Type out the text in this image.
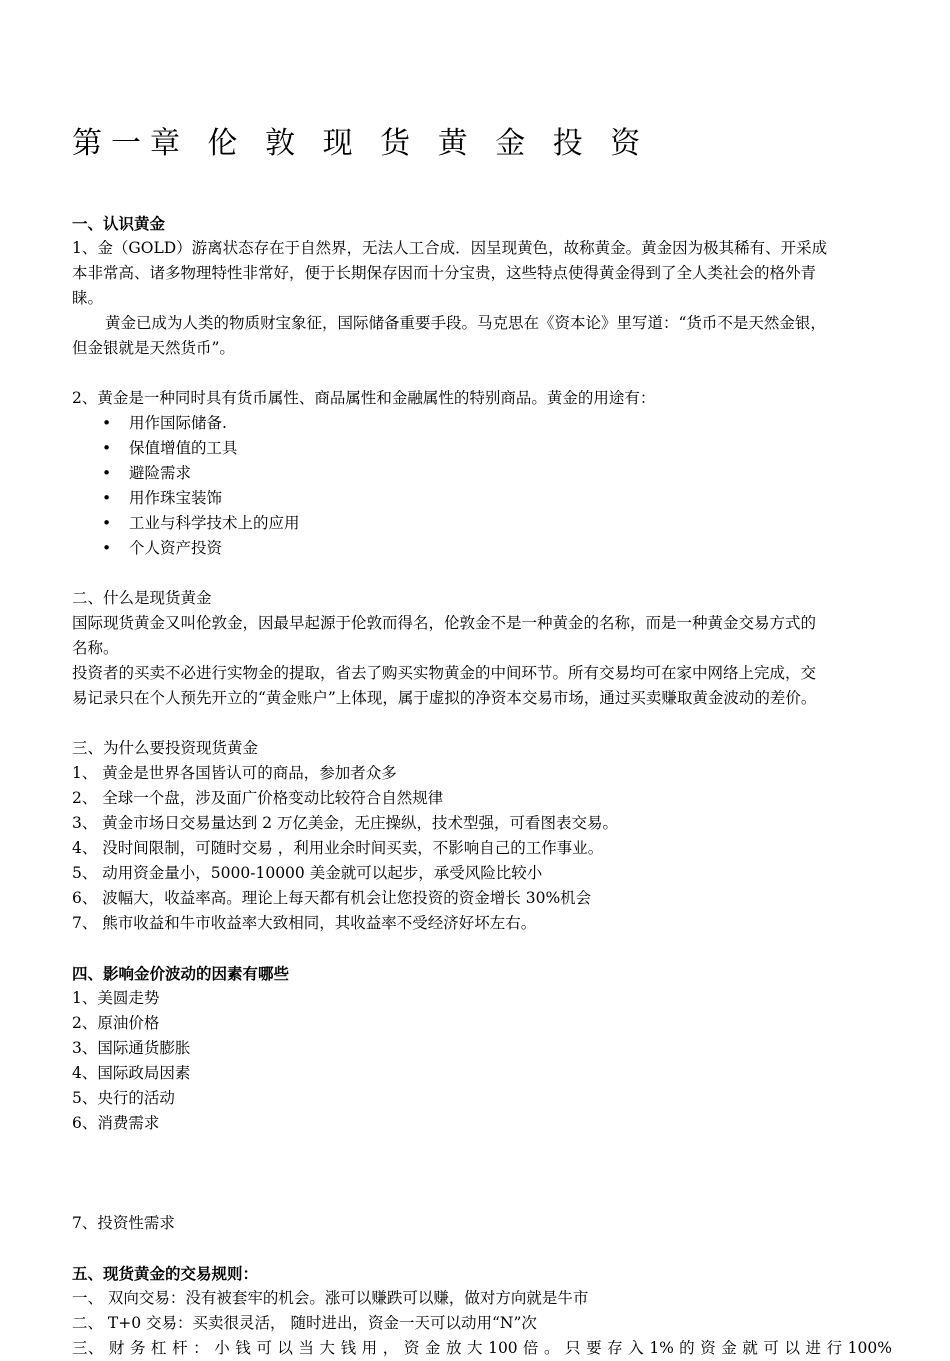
第一章 伦 敦 现 货 黄 金 投 资
一、认识黄金
1、金（GOLD）游离状态存在于自然界，无法人工合成．因呈现黄色，故称黄金。黄金因为极其稀有、开采成
本非常高、诸多物理特性非常好，便于长期保存因而十分宝贵，这些特点使得黄金得到了全人类社会的格外青
睐。
黄金已成为人类的物质财宝象征，国际储备重要手段。马克思在《资本论》里写道：“货币不是天然金银，
但金银就是天然货币”。
2、黄金是一种同时具有货币属性、商品属性和金融属性的特别商品。黄金的用途有：
• 用作国际储备.
• 保值增值的工具
• 避险需求
• 用作珠宝装饰
• 工业与科学技术上的应用
• 个人资产投资
二、什么是现货黄金
国际现货黄金又叫伦敦金，因最早起源于伦敦而得名，伦敦金不是一种黄金的名称，而是一种黄金交易方式的
名称。
投资者的买卖不必进行实物金的提取，省去了购买实物黄金的中间环节。所有交易均可在家中网络上完成，交
易记录只在个人预先开立的“黄金账户”上体现，属于虚拟的净资本交易市场，通过买卖赚取黄金波动的差价。
三、为什么要投资现货黄金
1、 黄金是世界各国皆认可的商品，参加者众多
2、 全球一个盘，涉及面广价格变动比较符合自然规律
3、 黄金市场日交易量达到 2 万亿美金，无庄操纵，技术型强，可看图表交易。
4、 没时间限制，可随时交易 ，利用业余时间买卖，不影响自己的工作事业。
5、 动用资金量小，5000-10000 美金就可以起步，承受风险比较小
6、 波幅大，收益率高。理论上每天都有机会让您投资的资金增长 30%机会
7、 熊市收益和牛市收益率大致相同，其收益率不受经济好坏左右。
四、影响金价波动的因素有哪些
1、美圆走势
2、原油价格
3、国际通货膨胀
4、国际政局因素
5、央行的活动
6、消费需求
7、投资性需求
五、现货黄金的交易规则：
一、 双向交易：没有被套牢的机会。涨可以赚跌可以赚，做对方向就是牛市
二、 T+0 交易：买卖很灵活， 随时进出，资金一天可以动用“N”次
三、 财 务 杠 杆 ： 小 钱 可 以 当 大 钱 用 ， 资 金 放 大 100 倍 。 只 要 存 入 1% 的 资 金 就 可 以 进 行 100%
